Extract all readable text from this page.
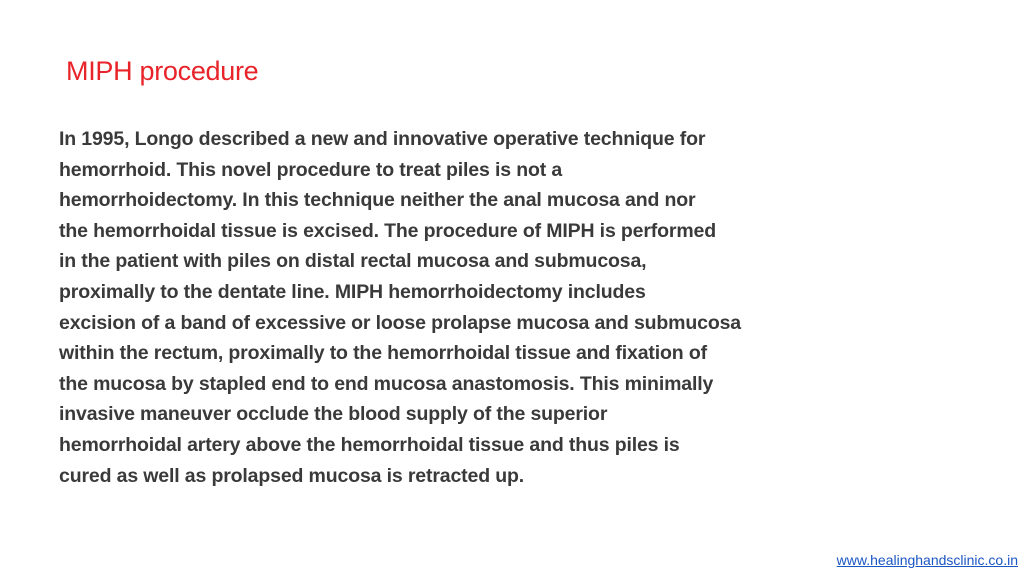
MIPH procedure
In 1995, Longo described a new and innovative operative technique for
hemorrhoid. This novel procedure to treat piles is not a
hemorrhoidectomy. In this technique neither the anal mucosa and nor
the hemorrhoidal tissue is excised. The procedure of MIPH is performed
in the patient with piles on distal rectal mucosa and submucosa,
proximally to the dentate line. MIPH hemorrhoidectomy includes
excision of a band of excessive or loose prolapse mucosa and submucosa
within the rectum, proximally to the hemorrhoidal tissue and fixation of
the mucosa by stapled end to end mucosa anastomosis. This minimally
invasive maneuver occlude the blood supply of the superior
hemorrhoidal artery above the hemorrhoidal tissue and thus piles is
cured as well as prolapsed mucosa is retracted up.
www.healinghandsclinic.co.in
